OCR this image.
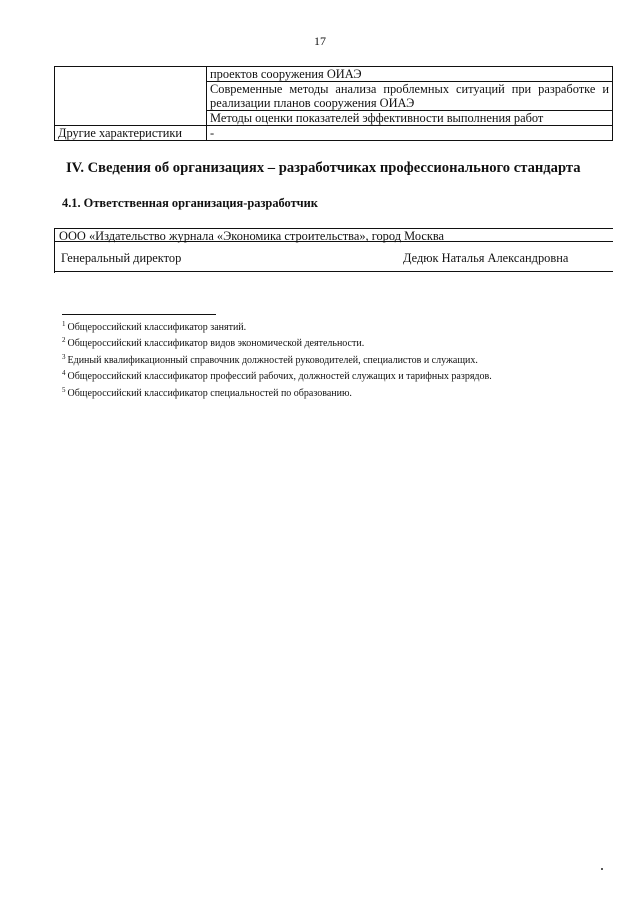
17
	проектов сооружения ОИАЭ
	Современные методы анализа проблемных ситуаций при разработке и реализации планов сооружения ОИАЭ
	Методы оценки показателей эффективности выполнения работ
Другие характеристики	-
IV. Сведения об организациях – разработчиках профессионального стандарта
4.1. Ответственная организация-разработчик
ООО «Издательство журнала «Экономика строительства», город Москва
Генеральный директор	Дедюк Наталья Александровна
$^1$ Общероссийский классификатор занятий.
$^2$ Общероссийский классификатор видов экономической деятельности.
$^3$ Единый квалификационный справочник должностей руководителей, специалистов и служащих.
$^4$ Общероссийский классификатор профессий рабочих, должностей служащих и тарифных разрядов.
$^5$ Общероссийский классификатор специальностей по образованию.
